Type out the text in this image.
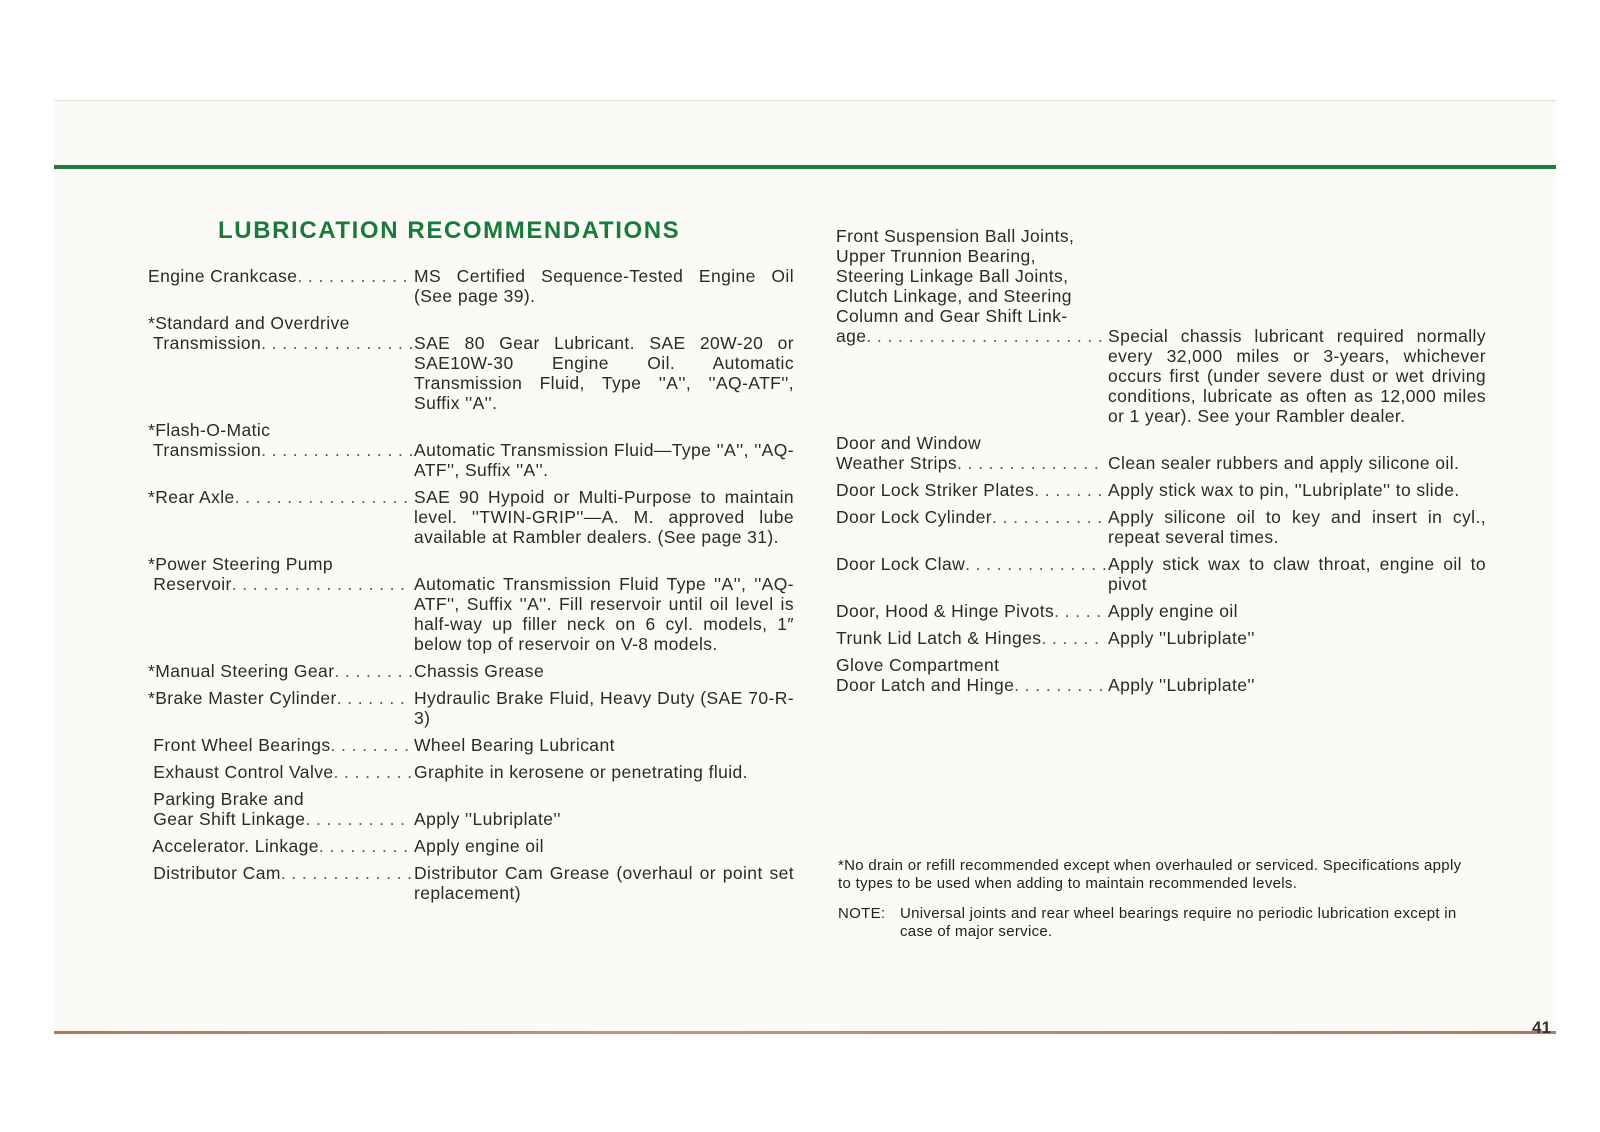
LUBRICATION RECOMMENDATIONS
Engine Crankcase . . .	MS Certified Sequence-Tested Engine Oil (See page 39).
*Standard and Overdrive
Transmission . . .	SAE 80 Gear Lubricant. SAE 20W-20 or SAE10W-30 Engine Oil. Automatic Transmission Fluid, Type ''A'', ''AQ-ATF'', Suffix ''A''.
*Flash-O-Matic
Transmission . . .	Automatic Transmission Fluid—Type ''A'', ''AQ-ATF'', Suffix ''A''.
*Rear Axle . . .	SAE 90 Hypoid or Multi-Purpose to maintain level. ''TWIN-GRIP''—A. M. approved lube available at Rambler dealers. (See page 31).
*Power Steering Pump
Reservoir . . .	Automatic Transmission Fluid Type ''A'', ''AQ-ATF'', Suffix ''A''. Fill reservoir until oil level is half-way up filler neck on 6 cyl. models, 1″ below top of reservoir on V-8 models.
*Manual Steering Gear . . .	Chassis Grease
*Brake Master Cylinder . . .	Hydraulic Brake Fluid, Heavy Duty (SAE 70-R-3)
Front Wheel Bearings . . .	Wheel Bearing Lubricant
Exhaust Control Valve . . .	Graphite in kerosene or penetrating fluid.
Parking Brake and
Gear Shift Linkage . . .	Apply ''Lubriplate''
Accelerator. Linkage . . .	Apply engine oil
Distributor Cam . . .	Distributor Cam Grease (overhaul or point set replacement)
Front Suspension Ball Joints,
Upper Trunnion Bearing,
Steering Linkage Ball Joints,
Clutch Linkage, and Steering
Column and Gear Shift Link-
age . . .	Special chassis lubricant required normally every 32,000 miles or 3-years, whichever occurs first (under severe dust or wet driving conditions, lubricate as often as 12,000 miles or 1 year). See your Rambler dealer.
Door and Window
Weather Strips . . .	Clean sealer rubbers and apply silicone oil.
Door Lock Striker Plates . . .	Apply stick wax to pin, ''Lubriplate'' to slide.
Door Lock Cylinder . . .	Apply silicone oil to key and insert in cyl., repeat several times.
Door Lock Claw . . .	Apply stick wax to claw throat, engine oil to pivot
Door, Hood & Hinge Pivots . . .	Apply engine oil
Trunk Lid Latch & Hinges . . .	Apply ''Lubriplate''
Glove Compartment
Door Latch and Hinge . . .	Apply ''Lubriplate''
*No drain or refill recommended except when overhauled or serviced. Specifications apply to types to be used when adding to maintain recommended levels.
NOTE: Universal joints and rear wheel bearings require no periodic lubrication except in case of major service.
41
